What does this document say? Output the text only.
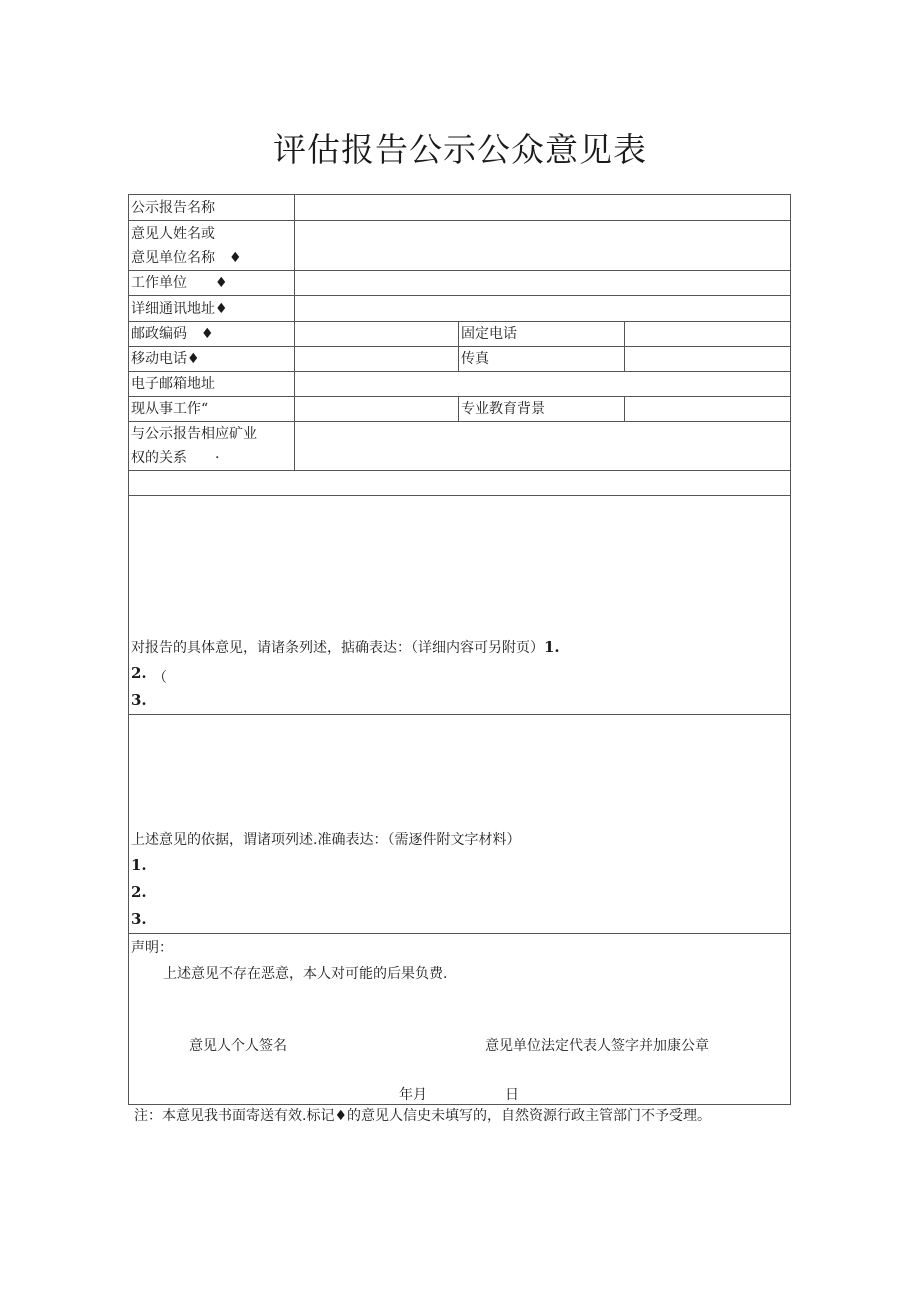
评估报告公示公众意见表
公示报告名称			

意见人姓名或
意见单位名称　♦			

工作单位　　♦			
详细通讯地址♦			
邮政编码　♦		固定电话	
移动电话♦		传真	
电子邮箱地址			
现从事工作“		专业教育背景	

与公示报告相应矿业
权的关系　　·			

对报告的具体意见，请诸条列述，掂确表达：（详细内容可另附页）1.
2.
3.
（			

上述意见的依据，谓诸项列述.准确表达：（需逐件附文字材料）
1.
2.
3.			

声明：
上述意见不存在恶意，本人对可能的后果负费.
意见人个人签名 意见单位法定代表人签字并加康公章
年月 日			
注：本意见我书面寄送有效.标记♦的意见人信史未填写的，自然资源行政主管部门不予受理。
